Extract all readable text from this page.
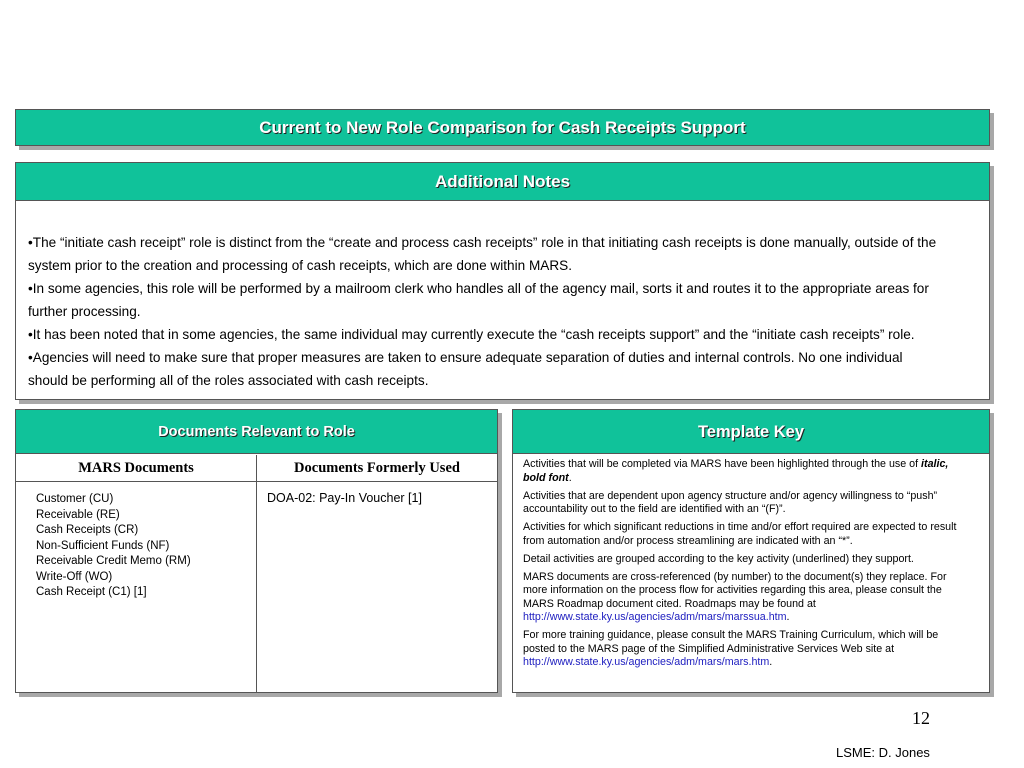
Current to New Role Comparison for Cash Receipts Support
Additional Notes

•The “initiate cash receipt” role is distinct from the “create and process cash receipts” role in that initiating cash receipts is done manually, outside of the system prior to the creation and processing of cash receipts, which are done within MARS.

•In some agencies, this role will be performed by a mailroom clerk who handles all of the agency mail, sorts it and routes it to the appropriate areas for further processing.

•It has been noted that in some agencies, the same individual may currently execute the “cash receipts support” and the “initiate cash receipts” role.

•Agencies will need to make sure that proper measures are taken to ensure adequate separation of duties and internal controls. No one individual should be performing all of the roles associated with cash receipts.

Documents Relevant to Role
MARS Documents
Customer (CU)
Receivable (RE)
Cash Receipts (CR)
Non-Sufficient Funds (NF)
Receivable Credit Memo (RM)
Write-Off (WO)
Cash Receipt (C1) [1]
Documents Formerly Used
DOA-02: Pay-In Voucher [1]
Template Key

Activities that will be completed via MARS have been highlighted through the use of italic, bold font.

Activities that are dependent upon agency structure and/or agency willingness to “push” accountability out to the field are identified with an “(F)”.

Activities for which significant reductions in time and/or effort required are expected to result from automation and/or process streamlining are indicated with an “*”.

Detail activities are grouped according to the key activity (underlined) they support.

MARS documents are cross-referenced (by number) to the document(s) they replace. For more information on the process flow for activities regarding this area, please consult the MARS Roadmap document cited. Roadmaps may be found at http://www.state.ky.us/agencies/adm/mars/marssua.htm.

For more training guidance, please consult the MARS Training Curriculum, which will be posted to the MARS page of the Simplified Administrative Services Web site at http://www.state.ky.us/agencies/adm/mars/mars.htm.

12
LSME: D. Jones
